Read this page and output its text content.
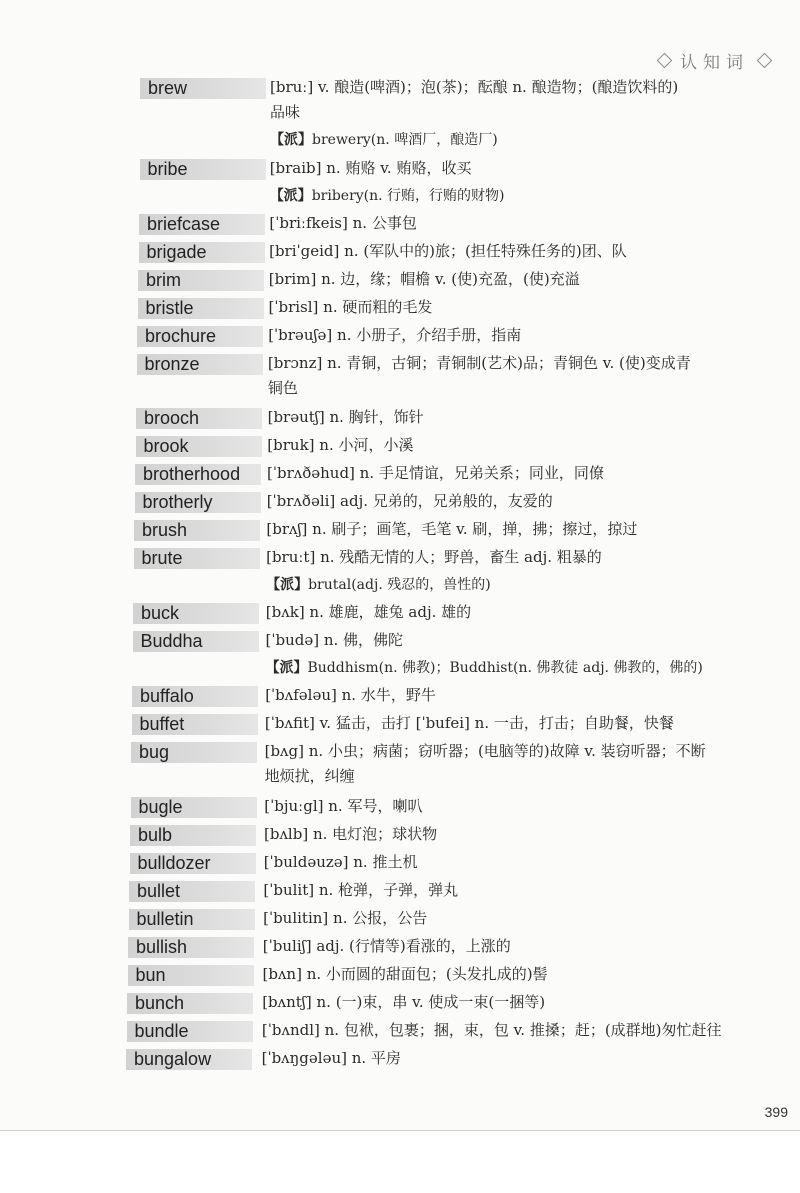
认知词
brew	[bruː] v. 酿造(啤酒)；泡(茶)；酝酿 n. 酿造物；(酿造饮料的)
品味
【派】brewery(n. 啤酒厂，酿造厂)
bribe	[braib] n. 贿赂 v. 贿赂，收买
【派】bribery(n. 行贿，行贿的财物)
briefcase	[ˈbriːfkeis] n. 公事包
brigade	[briˈgeid] n. (军队中的)旅；(担任特殊任务的)团、队
brim	[brim] n. 边，缘；帽檐 v. (使)充盈，(使)充溢
bristle	[ˈbrisl] n. 硬而粗的毛发
brochure	[ˈbrəuʃə] n. 小册子，介绍手册，指南
bronze	[brɔnz] n. 青铜，古铜；青铜制(艺术)品；青铜色 v. (使)变成青
铜色
brooch	[brəutʃ] n. 胸针，饰针
brook	[bruk] n. 小河，小溪
brotherhood	[ˈbrʌðəhud] n. 手足情谊，兄弟关系；同业，同僚
brotherly	[ˈbrʌðəli] adj. 兄弟的，兄弟般的，友爱的
brush	[brʌʃ] n. 刷子；画笔，毛笔 v. 刷，掸，拂；擦过，掠过
brute	[bruːt] n. 残酷无情的人；野兽，畜生 adj. 粗暴的
【派】brutal(adj. 残忍的，兽性的)
buck	[bʌk] n. 雄鹿，雄兔 adj. 雄的
Buddha	[ˈbudə] n. 佛，佛陀
【派】Buddhism(n. 佛教)；Buddhist(n. 佛教徒 adj. 佛教的，佛的)
buffalo	[ˈbʌfələu] n. 水牛，野牛
buffet	[ˈbʌfit] v. 猛击，击打 [ˈbufei] n. 一击，打击；自助餐，快餐
bug	[bʌg] n. 小虫；病菌；窃听器；(电脑等的)故障 v. 装窃听器；不断
地烦扰，纠缠
bugle	[ˈbjuːgl] n. 军号，喇叭
bulb	[bʌlb] n. 电灯泡；球状物
bulldozer	[ˈbuldəuzə] n. 推土机
bullet	[ˈbulit] n. 枪弹，子弹，弹丸
bulletin	[ˈbulitin] n. 公报，公告
bullish	[ˈbuliʃ] adj. (行情等)看涨的，上涨的
bun	[bʌn] n. 小而圆的甜面包；(头发扎成的)髻
bunch	[bʌntʃ] n. (一)束，串 v. 使成一束(一捆等)
bundle	[ˈbʌndl] n. 包袱，包裹；捆，束，包 v. 推搡；赶；(成群地)匆忙赶往
bungalow	[ˈbʌŋgələu] n. 平房
399
